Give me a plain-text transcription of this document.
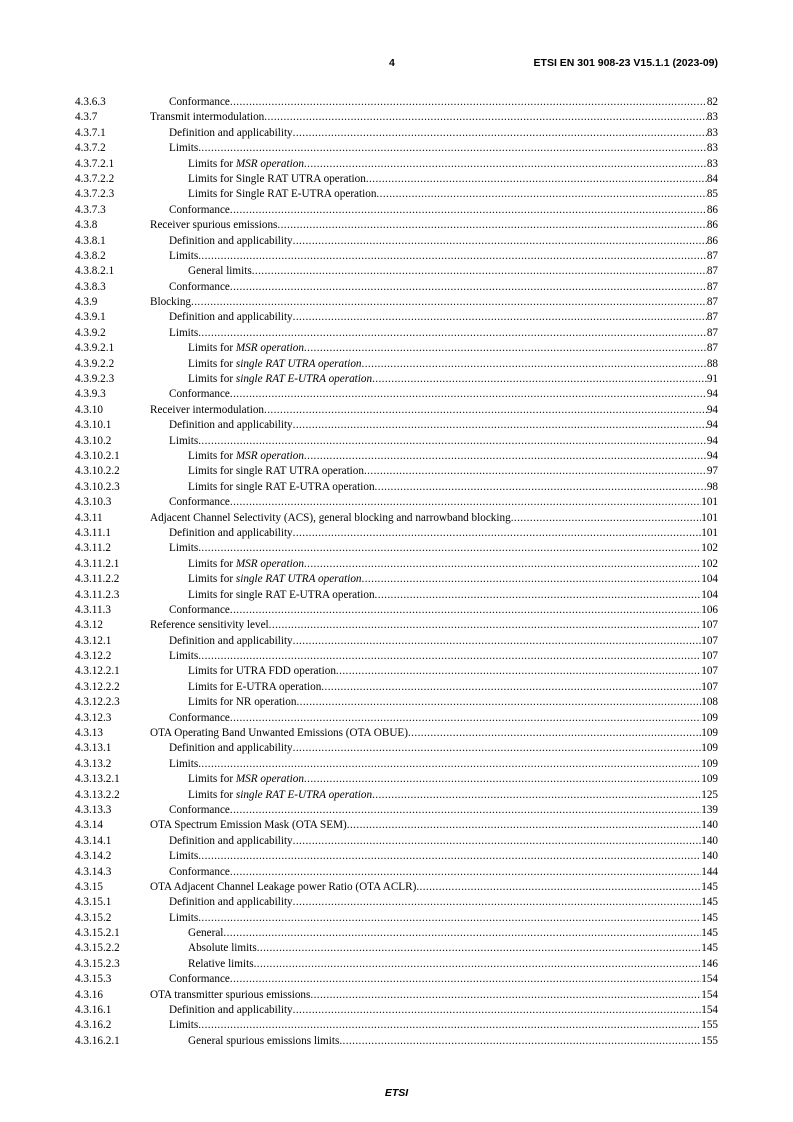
4	ETSI EN 301 908-23 V15.1.1 (2023-09)
4.3.6.3	Conformance .....	82
4.3.7	Transmit intermodulation .....	83
4.3.7.1	Definition and applicability .....	83
4.3.7.2	Limits .....	83
4.3.7.2.1	Limits for MSR operation .....	83
4.3.7.2.2	Limits for Single RAT UTRA operation .....	84
4.3.7.2.3	Limits for Single RAT E-UTRA operation .....	85
4.3.7.3	Conformance .....	86
4.3.8	Receiver spurious emissions .....	86
4.3.8.1	Definition and applicability .....	86
4.3.8.2	Limits .....	87
4.3.8.2.1	General limits .....	87
4.3.8.3	Conformance .....	87
4.3.9	Blocking .....	87
4.3.9.1	Definition and applicability .....	87
4.3.9.2	Limits .....	87
4.3.9.2.1	Limits for MSR operation .....	87
4.3.9.2.2	Limits for single RAT UTRA operation .....	88
4.3.9.2.3	Limits for single RAT E-UTRA operation .....	91
4.3.9.3	Conformance .....	94
4.3.10	Receiver intermodulation .....	94
4.3.10.1	Definition and applicability .....	94
4.3.10.2	Limits .....	94
4.3.10.2.1	Limits for MSR operation .....	94
4.3.10.2.2	Limits for single RAT UTRA operation .....	97
4.3.10.2.3	Limits for single RAT E-UTRA operation .....	98
4.3.10.3	Conformance .....	101
4.3.11	Adjacent Channel Selectivity (ACS), general blocking and narrowband blocking .....	101
4.3.11.1	Definition and applicability .....	101
4.3.11.2	Limits .....	102
4.3.11.2.1	Limits for MSR operation .....	102
4.3.11.2.2	Limits for single RAT UTRA operation .....	104
4.3.11.2.3	Limits for single RAT E-UTRA operation .....	104
4.3.11.3	Conformance .....	106
4.3.12	Reference sensitivity level .....	107
4.3.12.1	Definition and applicability .....	107
4.3.12.2	Limits .....	107
4.3.12.2.1	Limits for UTRA FDD operation .....	107
4.3.12.2.2	Limits for E-UTRA operation .....	107
4.3.12.2.3	Limits for NR operation .....	108
4.3.12.3	Conformance .....	109
4.3.13	OTA Operating Band Unwanted Emissions (OTA OBUE) .....	109
4.3.13.1	Definition and applicability .....	109
4.3.13.2	Limits .....	109
4.3.13.2.1	Limits for MSR operation .....	109
4.3.13.2.2	Limits for single RAT E-UTRA operation .....	125
4.3.13.3	Conformance .....	139
4.3.14	OTA Spectrum Emission Mask (OTA SEM) .....	140
4.3.14.1	Definition and applicability .....	140
4.3.14.2	Limits .....	140
4.3.14.3	Conformance .....	144
4.3.15	OTA Adjacent Channel Leakage power Ratio (OTA ACLR) .....	145
4.3.15.1	Definition and applicability .....	145
4.3.15.2	Limits .....	145
4.3.15.2.1	General .....	145
4.3.15.2.2	Absolute limits .....	145
4.3.15.2.3	Relative limits .....	146
4.3.15.3	Conformance .....	154
4.3.16	OTA transmitter spurious emissions .....	154
4.3.16.1	Definition and applicability .....	154
4.3.16.2	Limits .....	155
4.3.16.2.1	General spurious emissions limits .....	155
ETSI
